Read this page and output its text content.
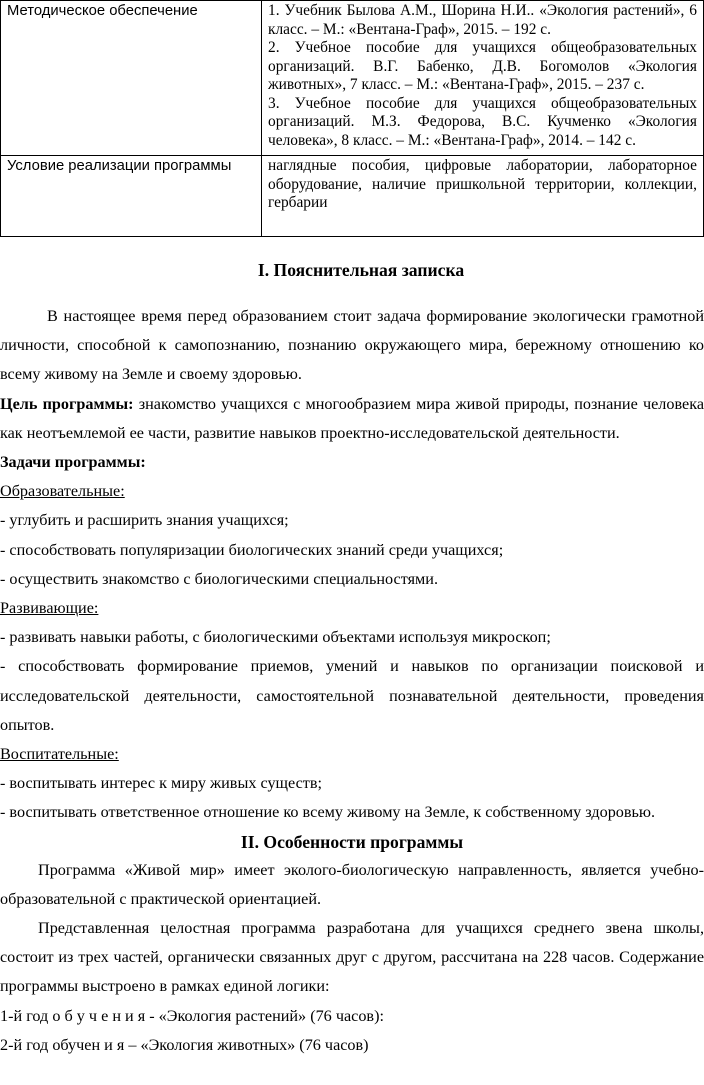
Методическое обеспечение	1. Учебник Былова А.М., Шорина Н.И.. «Экология растений», 6 класс. – М.: «Вентана-Граф», 2015. – 192 с.

2. Учебное пособие для учащихся общеобразовательных организаций. В.Г. Бабенко, Д.В. Богомолов «Экология животных», 7 класс. – М.: «Вентана-Граф», 2015. – 237 с.

3. Учебное пособие для учащихся общеобразовательных организаций. М.З. Федорова, В.С. Кучменко «Экология человека», 8 класс. – М.: «Вентана-Граф», 2014. – 142 с.

Условие реализации программы	наглядные пособия, цифровые лаборатории, лабораторное оборудование, наличие пришкольной территории, коллекции, гербарии
I. Пояснительная записка

В настоящее время перед образованием стоит задача формирование экологически грамотной личности, способной к самопознанию, познанию окружающего мира, бережному отношению ко всему живому на Земле и своему здоровью.

Цель программы: знакомство учащихся с многообразием мира живой природы, познание человека как неотъемлемой ее части, развитие навыков проектно-исследовательской деятельности.

Задачи программы:

Образовательные:

- углубить и расширить знания учащихся;

- способствовать популяризации биологических знаний среди учащихся;

- осуществить знакомство с биологическими специальностями.

Развивающие:

- развивать навыки работы, с биологическими объектами используя микроскоп;

- способствовать формирование приемов, умений и навыков по организации поисковой и исследовательской деятельности, самостоятельной познавательной деятельности, проведения опытов.

Воспитательные:

- воспитывать интерес к миру живых существ;

- воспитывать ответственное отношение ко всему живому на Земле, к собственному здоровью.

II. Особенности программы

Программа «Живой мир» имеет эколого-биологическую направленность, является учебно-образовательной с практической ориентацией.

Представленная целостная программа разработана для учащихся среднего звена школы, состоит из трех частей, органически связанных друг с другом, рассчитана на 228 часов. Содержание программы выстроено в рамках единой логики:

1-й год о б у ч е н и я - «Экология растений» (76 часов):

2-й год обучен и я – «Экология животных» (76 часов)
